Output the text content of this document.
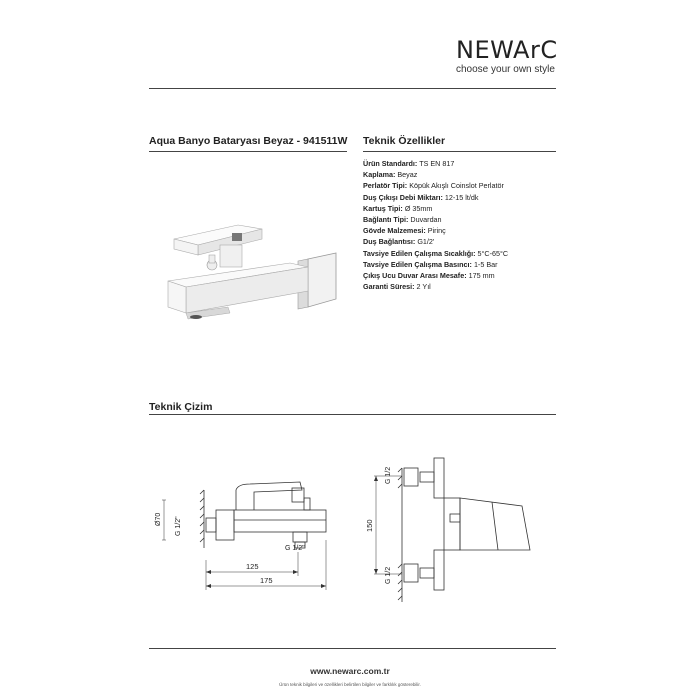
NEWArC
choose your own style
Aqua Banyo Bataryası Beyaz - 941511W Teknik Özellikler
Teknik Çizim
Ürün Standardı: TS EN 817
Kaplama: Beyaz
Perlatör Tipi: Köpük Akışlı Coinslot Perlatör
Duş Çıkışı Debi Miktarı: 12-15 lt/dk
Kartuş Tipi: Ø 35mm
Bağlantı Tipi: Duvardan
Gövde Malzemesi: Pirinç
Duş Bağlantısı: G1/2'
Tavsiye Edilen Çalışma Sıcaklığı: 5°C-65°C
Tavsiye Edilen Çalışma Basıncı: 1-5 Bar
Çıkış Ucu Duvar Arası Mesafe: 175 mm
Garanti Süresi: 2 Yıl
Ø70 G 1/2"
G 1/2"
125
175
150
G 1/2
G 1/2
www.newarc.com.tr
Ürün teknik bilgileri ve özellikleri belirtilen bilgiler ve farklılık gösterebilir.
